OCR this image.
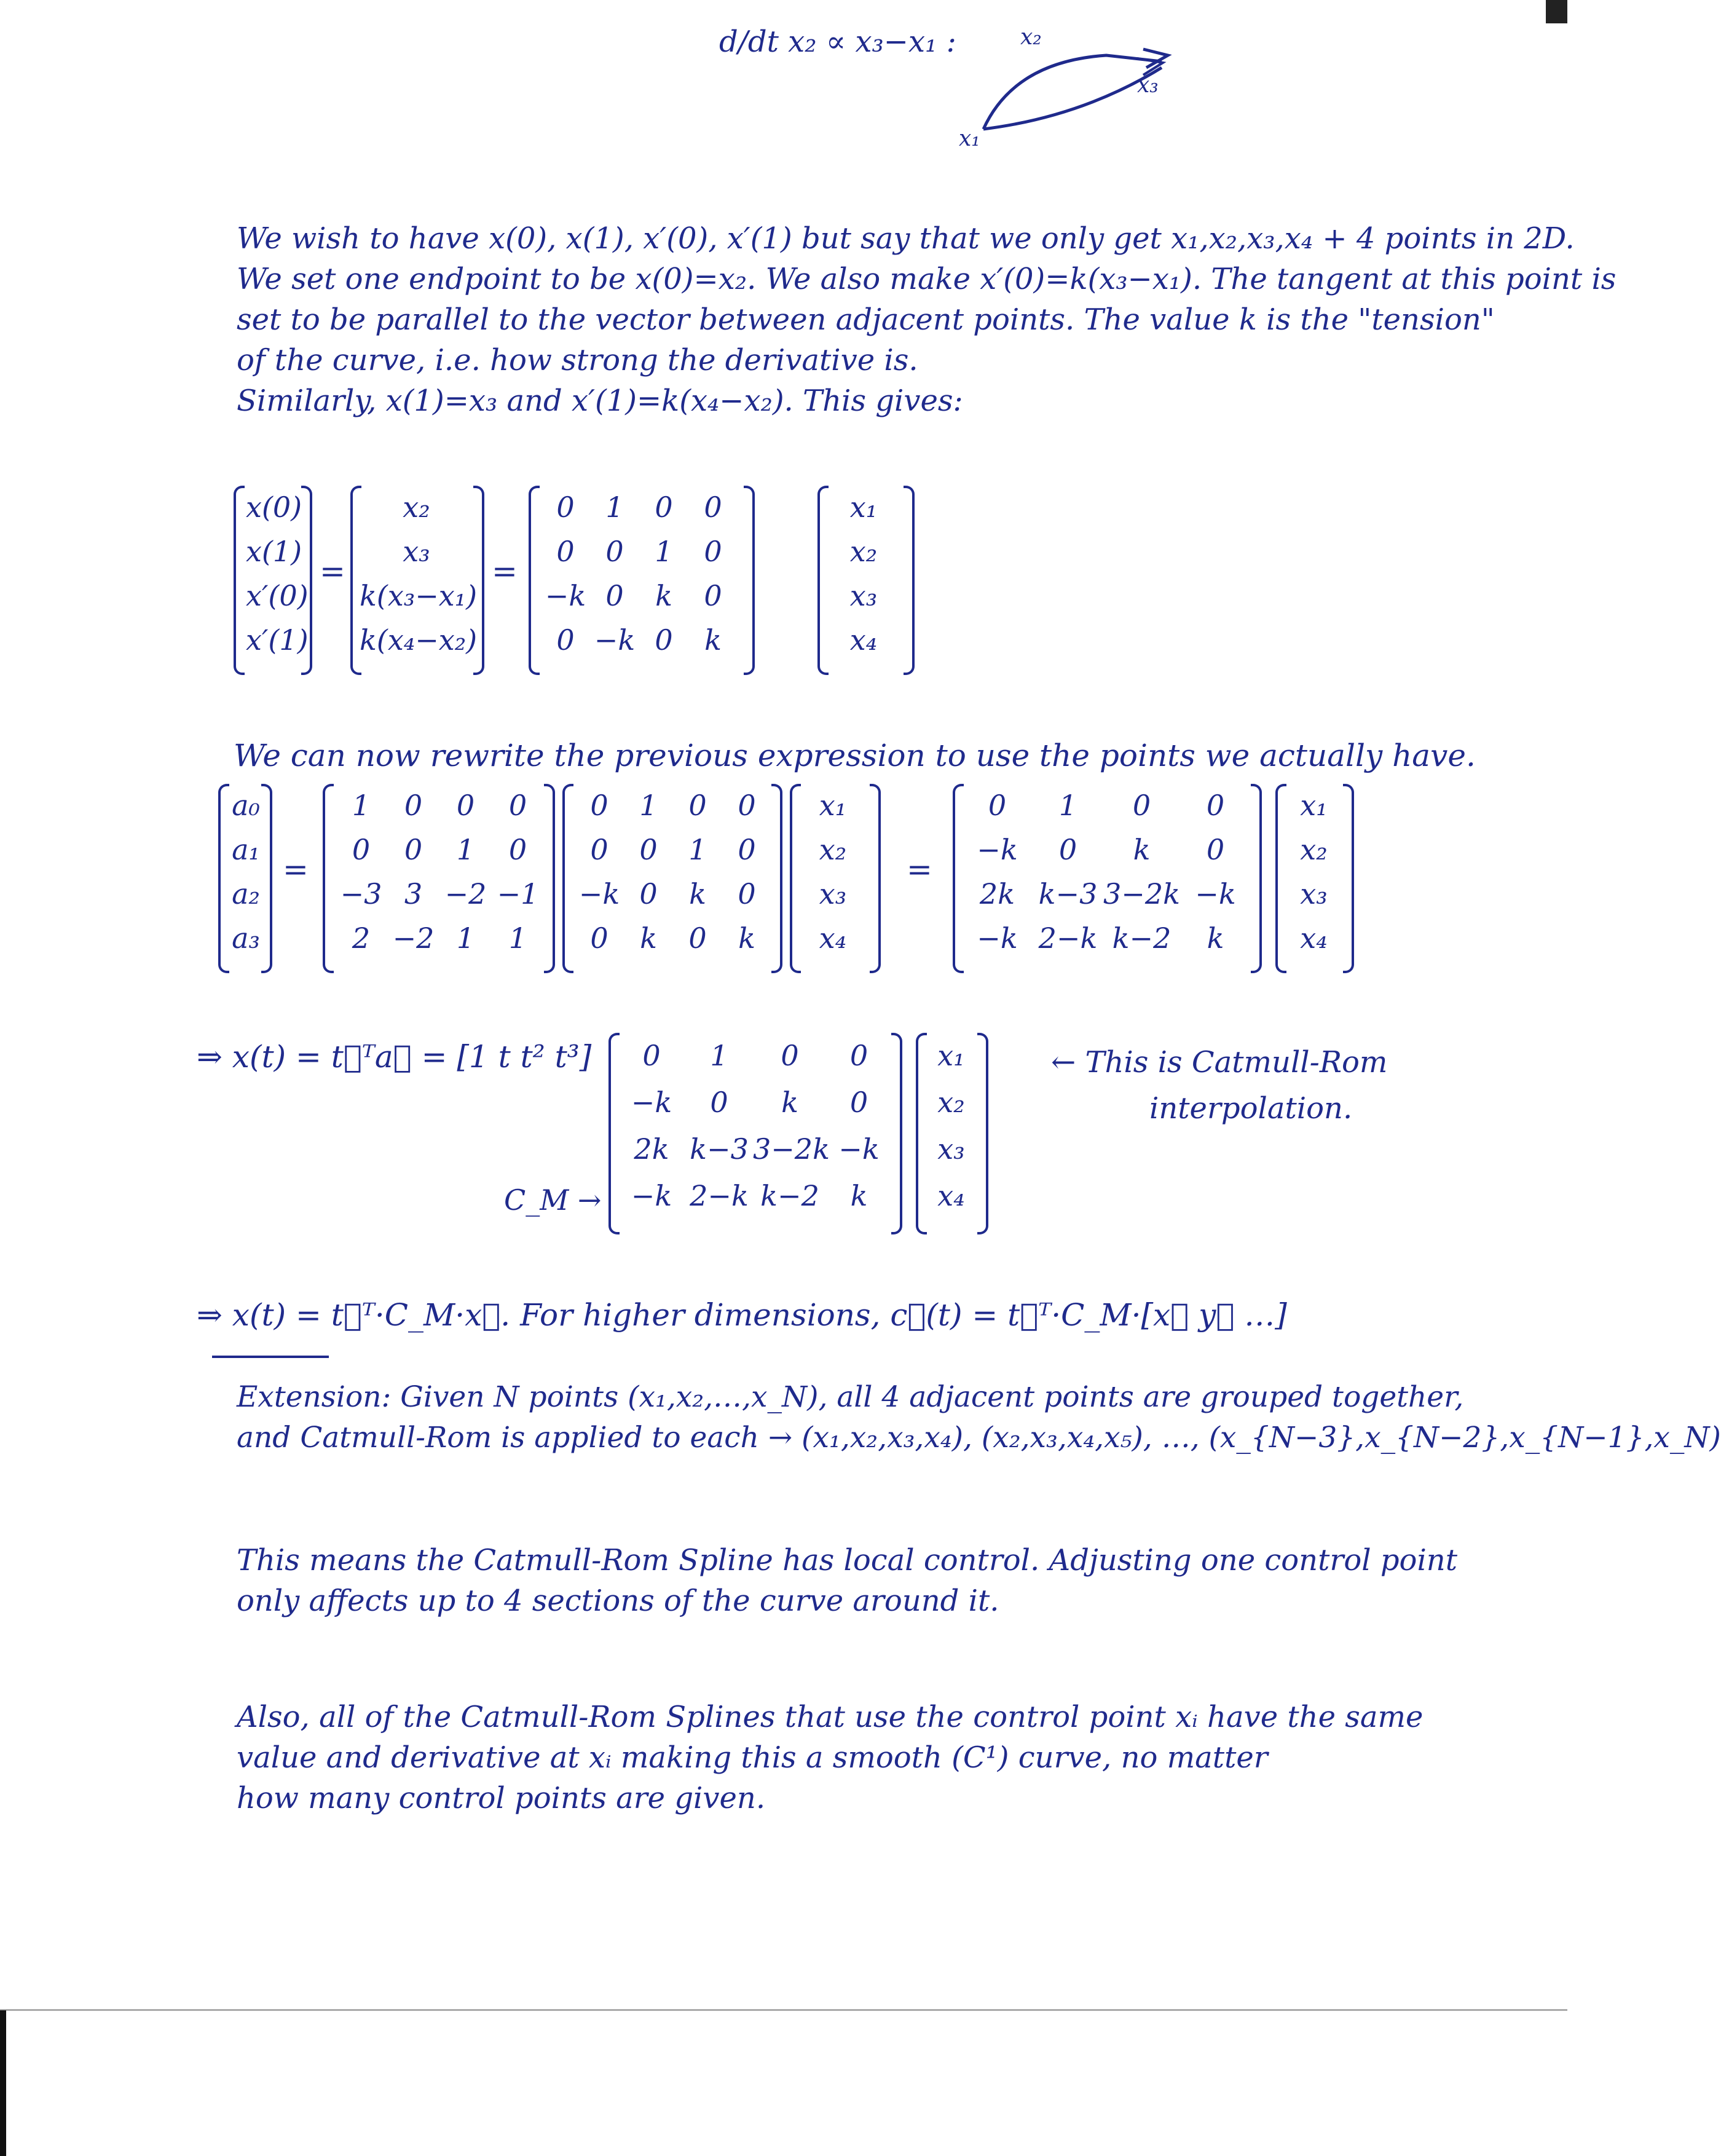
d/dt x₂ ∝ x₃−x₁ :	x₂
x₃
x₁
We wish to have x(0), x(1), x′(0), x′(1) but say that we only get x₁,x₂,x₃,x₄ + 4 points in 2D.
We set one endpoint to be x(0)=x₂. We also make x′(0)=k(x₃−x₁). The tangent at this point is
set to be parallel to the vector between adjacent points. The value k is the "tension"
of the curve, i.e. how strong the derivative is.
Similarly, x(1)=x₃ and x′(1)=k(x₄−x₂). This gives:
x(0)
x(1)
x′(0)
x′(1)
=
x₂
x₃
k(x₃−x₁)
k(x₄−x₂)
=
0	1	0	0
0	0	1	0
−k 0	k	0
0 −k 0	k
x₁
x₂
x₃
x₄
We can now rewrite the previous expression to use the points we actually have.
a₀
a₁
a₂
a₃
=
1	0	0	0
0	0	1	0
−3 3 −2 −1
2 −2 1	1
0	1	0	0
0	0	1	0
−k 0	k	0
0	k	0	k
x₁
x₂
x₃
x₄
=
0	1	0	0
−k	0	k	0
2k k−3 3−2k −k
−k 2−k k−2	k
x₁
x₂
x₃
x₄
⇒ x(t) = t⃗ᵀa⃗ = [1 t t² t³]	0	1	0	0
−k	0	k	0
2k k−3 3−2k −k
−k 2−k k−2	k
x₁
x₂
x₃
x₄
C_M →
← This is Catmull-Rom
interpolation.
⇒ x(t) = t⃗ᵀ·C_M·x⃗. For higher dimensions, c⃗(t) = t⃗ᵀ·C_M·[x⃗ y⃗ …]
Extension: Given N points (x₁,x₂,…,x_N), all 4 adjacent points are grouped together,
and Catmull-Rom is applied to each → (x₁,x₂,x₃,x₄), (x₂,x₃,x₄,x₅), …, (x_{N−3},x_{N−2},x_{N−1},x_N)
This means the Catmull-Rom Spline has local control. Adjusting one control point
only affects up to 4 sections of the curve around it.
Also, all of the Catmull-Rom Splines that use the control point xᵢ have the same
value and derivative at xᵢ making this a smooth (C¹) curve, no matter
how many control points are given.
